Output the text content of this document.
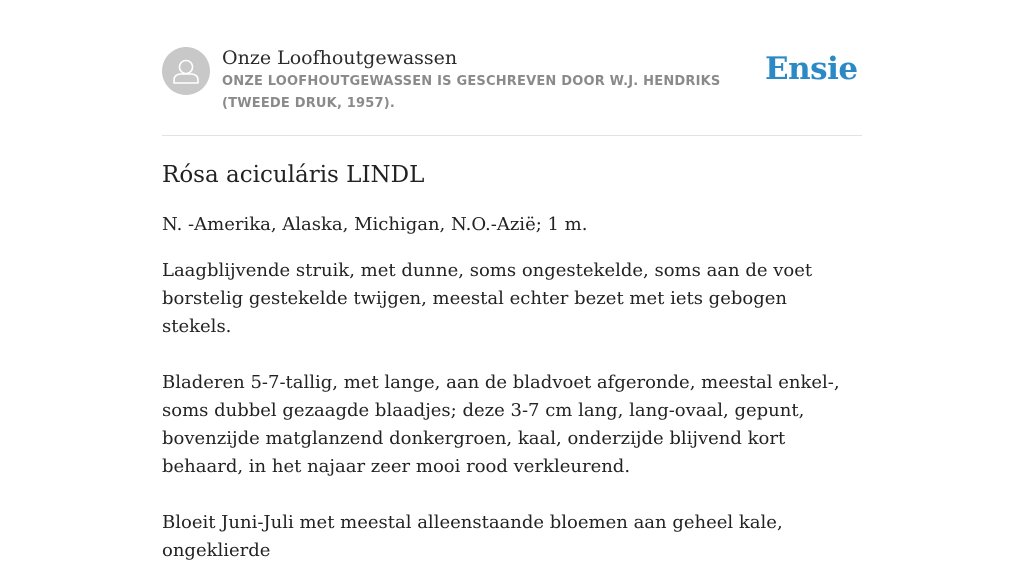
Onze Loofhoutgewassen
ONZE LOOFHOUTGEWASSEN IS GESCHREVEN DOOR W.J. HENDRIKS (TWEEDE DRUK, 1957).
Ensie
Rósa aciculáris LINDL

N. -Amerika, Alaska, Michigan, N.O.-Azië; 1 m.

Laagblijvende struik, met dunne, soms ongestekelde, soms aan de voet borstelig gestekelde twijgen, meestal echter bezet met iets gebogen stekels.

Bladeren 5-7-tallig, met lange, aan de bladvoet afgeronde, meestal enkel-, soms dubbel gezaagde blaadjes; deze 3-7 cm lang, lang-ovaal, gepunt, bovenzijde matglanzend donkergroen, kaal, onderzijde blijvend kort behaard, in het najaar zeer mooi rood verkleurend.

Bloeit Juni-Juli met meestal alleenstaande bloemen aan geheel kale, ongeklierde
